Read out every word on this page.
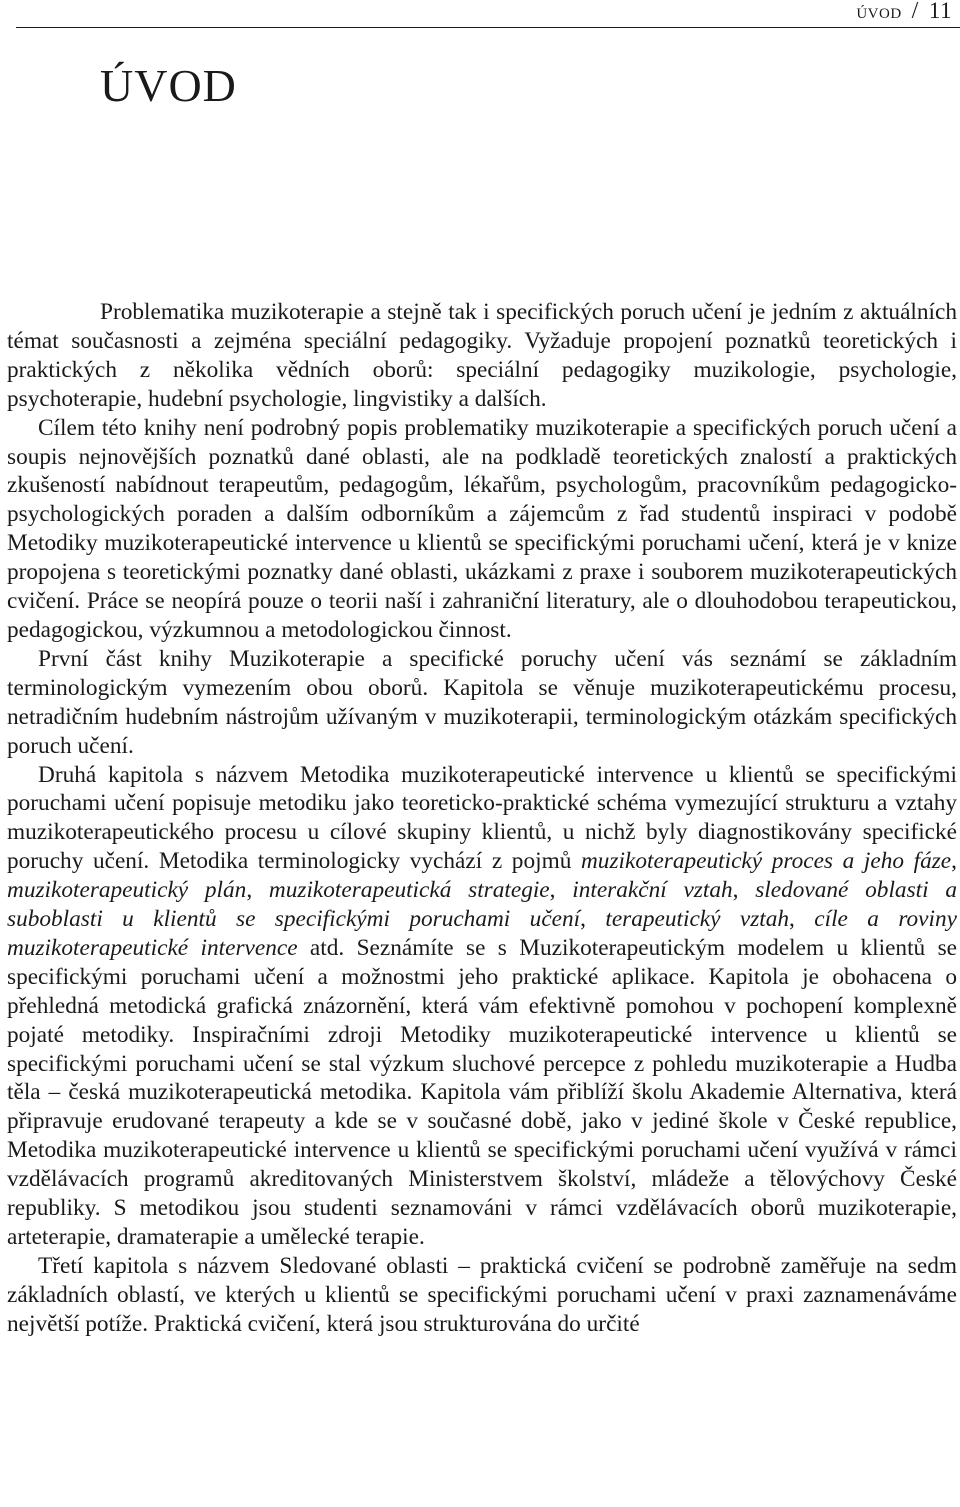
úvod / 11
ÚVOD

Problematika muzikoterapie a stejně tak i specifických poruch učení je jedním z aktuálních témat současnosti a zejména speciální pedagogiky. Vyžaduje propojení poznatků teoretických i praktických z několika vědních oborů: speciální pedagogiky muzikologie, psychologie, psychoterapie, hudební psychologie, lingvistiky a dalších.

Cílem této knihy není podrobný popis problematiky muzikoterapie a specifických poruch učení a soupis nejnovějších poznatků dané oblasti, ale na podkladě teoretických znalostí a praktických zkušeností nabídnout terapeutům, pedagogům, lékařům, psychologům, pracovníkům pedagogicko-psychologických poraden a dalším odborníkům a zájemcům z řad studentů inspiraci v podobě Metodiky muzikoterapeutické intervence u klientů se specifickými poruchami učení, která je v knize propojena s teoretickými poznatky dané oblasti, ukázkami z praxe i souborem muzikoterapeutických cvičení. Práce se neopírá pouze o teorii naší i zahraniční literatury, ale o dlouhodobou terapeutickou, pedagogickou, výzkumnou a metodologickou činnost.

První část knihy Muzikoterapie a specifické poruchy učení vás seznámí se základním terminologickým vymezením obou oborů. Kapitola se věnuje muzikoterapeutickému procesu, netradičním hudebním nástrojům užívaným v muzikoterapii, terminologickým otázkám specifických poruch učení.

Druhá kapitola s názvem Metodika muzikoterapeutické intervence u klientů se specifickými poruchami učení popisuje metodiku jako teoreticko-praktické schéma vymezující strukturu a vztahy muzikoterapeutického procesu u cílové skupiny klientů, u nichž byly diagnostikovány specifické poruchy učení. Metodika terminologicky vychází z pojmů muzikoterapeutický proces a jeho fáze, muzikoterapeutický plán, muzikoterapeutická strategie, interakční vztah, sledované oblasti a suboblasti u klientů se specifickými poruchami učení, terapeutický vztah, cíle a roviny muzikoterapeutické intervence atd. Seznámíte se s Muzikoterapeutickým modelem u klientů se specifickými poruchami učení a možnostmi jeho praktické aplikace. Kapitola je obohacena o přehledná metodická grafická znázornění, která vám efektivně pomohou v pochopení komplexně pojaté metodiky. Inspiračními zdroji Metodiky muzikoterapeutické intervence u klientů se specifickými poruchami učení se stal výzkum sluchové percepce z pohledu muzikoterapie a Hudba těla – česká muzikoterapeutická metodika. Kapitola vám přiblíží školu Akademie Alternativa, která připravuje erudované terapeuty a kde se v současné době, jako v jediné škole v České republice, Metodika muzikoterapeutické intervence u klientů se specifickými poruchami učení využívá v rámci vzdělávacích programů akreditovaných Ministerstvem školství, mládeže a tělovýchovy České republiky. S metodikou jsou studenti seznamováni v rámci vzdělávacích oborů muzikoterapie, arteterapie, dramaterapie a umělecké terapie.

Třetí kapitola s názvem Sledované oblasti – praktická cvičení se podrobně zaměřuje na sedm základních oblastí, ve kterých u klientů se specifickými poruchami učení v praxi zaznamenáváme největší potíže. Praktická cvičení, která jsou strukturována do určité
